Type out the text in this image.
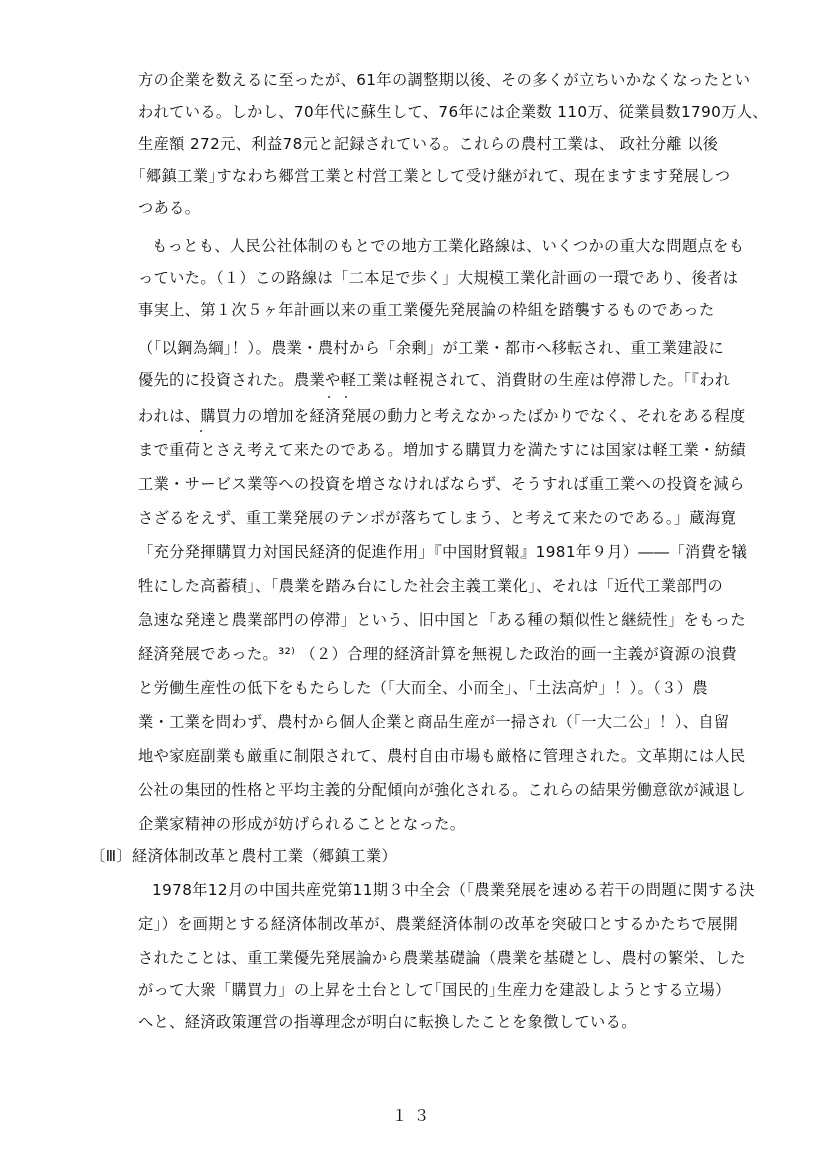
方の企業を数えるに至ったが、61年の調整期以後、その多くが立ちいかなくなったとい
われている。しかし、70年代に蘇生して、76年には企業数 110万、従業員数1790万人、
生産額 272元、利益78元と記録されている。これらの農村工業は、 政社分離 以後
｢郷鎮工業｣すなわち郷営工業と村営工業として受け継がれて、現在ますます発展しつ
つある。
もっとも、人民公社体制のもとでの地方工業化路線は、いくつかの重大な問題点をも
っていた。（１）この路線は「二本足で歩く」大規模工業化計画の一環であり、後者は
事実上、第１次５ヶ年計画以来の重工業優先発展論の枠組を踏襲するものであった
（｢以鋼為綱｣！）。農業・農村から「余剰」が工業・都市へ移転され、重工業建設に
優先的に投資された。農業や軽工業は軽視されて、消費財の生産は停滞した。「『われ
われは、購買力の増加を経済発展の動力と考えなかったばかりでなく、それをある程度
まで重荷とさえ考えて来たのである。増加する購買力を満たすには国家は軽工業・紡績
工業・サービス業等への投資を増さなければならず、そうすれば重工業への投資を減ら
さざるをえず、重工業発展のテンポが落ちてしまう、と考えて来たのである。」蔵海寛
「充分発揮購買力対国民経済的促進作用」『中国財貿報』1981年９月）――「消費を犠
牲にした高蓄積」、「農業を踏み台にした社会主義工業化」、それは「近代工業部門の
急速な発達と農業部門の停滞」という、旧中国と「ある種の類似性と継続性」をもった
経済発展であった。³²⁾ （２）合理的経済計算を無視した政治的画一主義が資源の浪費
と労働生産性の低下をもたらした（「大而全、小而全」、「土法高炉」！）。（３）農
業・工業を問わず、農村から個人企業と商品生産が一掃され（「一大二公」！）、自留
地や家庭副業も厳重に制限されて、農村自由市場も厳格に管理された。文革期には人民
公社の集団的性格と平均主義的分配傾向が強化される。これらの結果労働意欲が減退し
企業家精神の形成が妨げられることとなった。
〔Ⅲ〕経済体制改革と農村工業（郷鎮工業）
1978年12月の中国共産党第11期３中全会（｢農業発展を速める若干の問題に関する決
定｣）を画期とする経済体制改革が、農業経済体制の改革を突破口とするかたちで展開
されたことは、重工業優先発展論から農業基礎論（農業を基礎とし、農村の繁栄、した
がって大衆「購買力」の上昇を土台として｢国民的｣生産力を建設しようとする立場）
へと、経済政策運営の指導理念が明白に転換したことを象徴している。
１３
